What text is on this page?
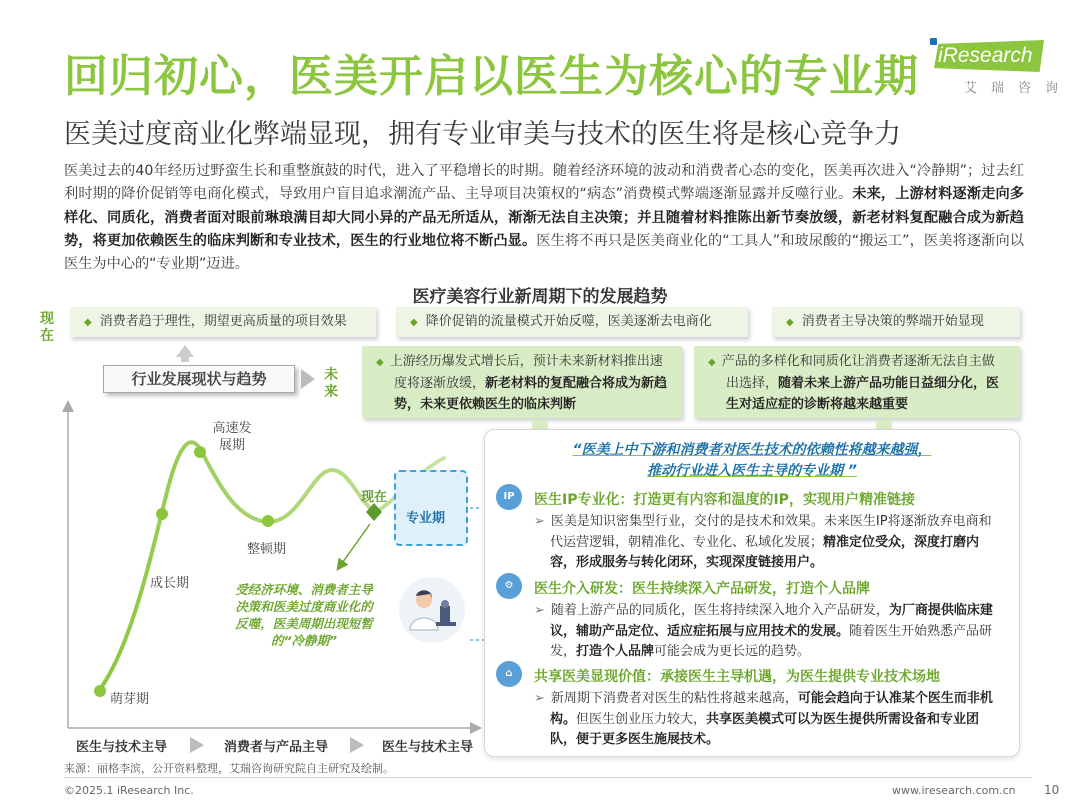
回归初心，医美开启以医生为核心的专业期
医美过度商业化弊端显现，拥有专业审美与技术的医生将是核心竞争力
iResearch
艾瑞咨询
医美过去的40年经历过野蛮生长和重整旗鼓的时代，进入了平稳增长的时期。随着经济环境的波动和消费者心态的变化，医美再次进入“冷静期”；过去红利时期的降价促销等电商化模式，导致用户盲目追求潮流产品、主导项目决策权的“病态”消费模式弊端逐渐显露并反噬行业。未来，上游材料逐渐走向多样化、同质化，消费者面对眼前琳琅满目却大同小异的产品无所适从，渐渐无法自主决策；并且随着材料推陈出新节奏放缓，新老材料复配融合成为新趋势，将更加依赖医生的临床判断和专业技术，医生的行业地位将不断凸显。医生将不再只是医美商业化的“工具人”和玻尿酸的“搬运工”，医美将逐渐向以医生为中心的“专业期”迈进。
医疗美容行业新周期下的发展趋势
现在
未来
◆ 消费者趋于理性，期望更高质量的项目效果	◆ 降价促销的流量模式开始反噬，医美逐渐去电商化	◆ 消费者主导决策的弊端开始显现
◆ 上游经历爆发式增长后，预计未来新材料推出速
度将逐渐放缓，新老材料的复配融合将成为新趋
势，未来更依赖医生的临床判断
◆ 产品的多样化和同质化让消费者逐渐无法自主做
出选择，随着未来上游产品功能日益细分化，医
生对适应症的诊断将越来越重要
行业发展现状与趋势
高速发展期
成长期
整顿期
萌芽期
现在
专业期
受经济环境、消费者主导决策和医美过度商业化的反噬，医美周期出现短暂的“冷静期”
医生与技术主导	消费者与产品主导	医生与技术主导
“医美上中下游和消费者对医生技术的依赖性将越来越强，
推动行业进入医生主导的专业期 ”
IP	医生IP专业化：打造更有内容和温度的IP，实现用户精准链接
➢ 医美是知识密集型行业，交付的是技术和效果。未来医生IP将逐渐放弃电商和代运营逻辑，朝精准化、专业化、私域化发展；精准定位受众，深度打磨内容，形成服务与转化闭环，实现深度链接用户。
⚙	医生介入研发：医生持续深入产品研发，打造个人品牌
➢ 随着上游产品的同质化，医生将持续深入地介入产品研发，为厂商提供临床建议，辅助产品定位、适应症拓展与应用技术的发展。随着医生开始熟悉产品研发，打造个人品牌可能会成为更长远的趋势。
⌂	共享医美显现价值：承接医生主导机遇，为医生提供专业技术场地
➢ 新周期下消费者对医生的粘性将越来越高，可能会趋向于认准某个医生而非机构。但医生创业压力较大，共享医美模式可以为医生提供所需设备和专业团队，便于更多医生施展技术。
来源：丽格李滨，公开资料整理，艾瑞咨询研究院自主研究及绘制。
©2025.1 iResearch Inc.	www.iresearch.com.cn 10
